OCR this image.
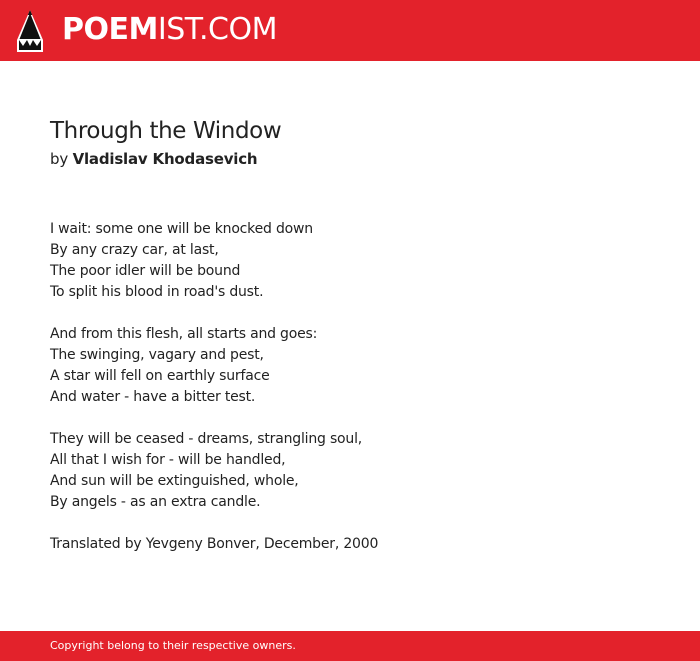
POEMIST.COM
Through the Window
by Vladislav Khodasevich
I wait: some one will be knocked down
By any crazy car, at last,
The poor idler will be bound
To split his blood in road's dust.
And from this flesh, all starts and goes:
The swinging, vagary and pest,
A star will fell on earthly surface
And water - have a bitter test.
They will be ceased - dreams, strangling soul,
All that I wish for - will be handled,
And sun will be extinguished, whole,
By angels - as an extra candle.
Translated by Yevgeny Bonver, December, 2000
Copyright belong to their respective owners.
